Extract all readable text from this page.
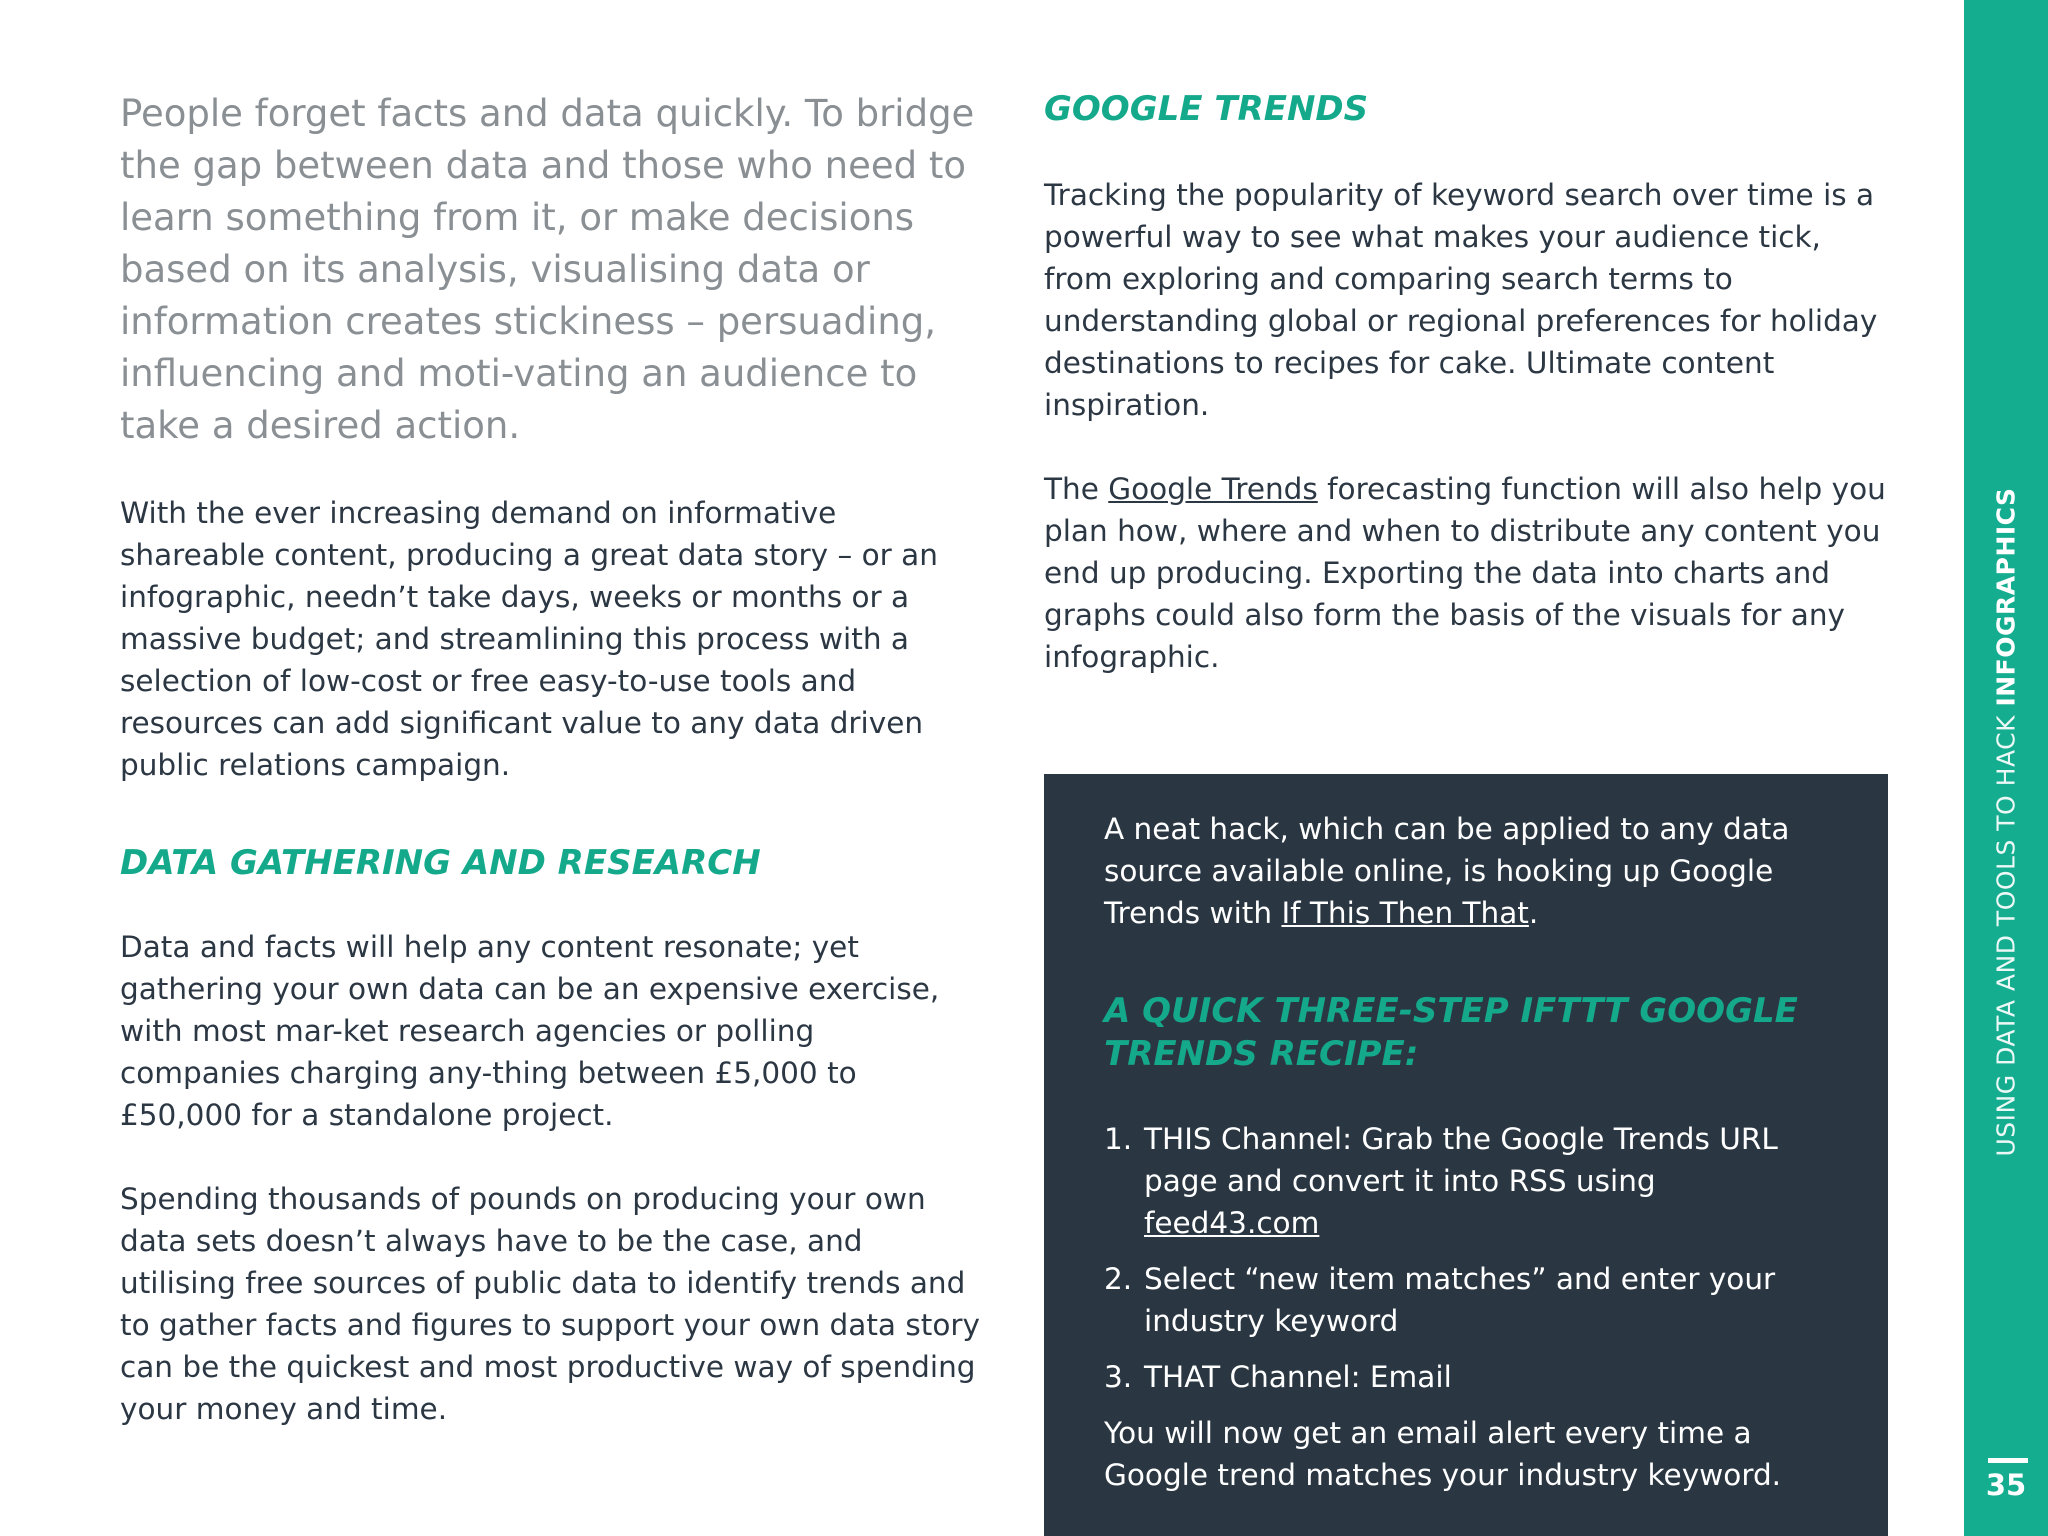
People forget facts and data quickly. To bridge the gap between data and those who need to learn something from it, or make decisions based on its analysis, visualising data or information creates stickiness – persuading, influencing and moti-vating an audience to take a desired action.

With the ever increasing demand on informative shareable content, producing a great data story – or an infographic, needn’t take days, weeks or months or a massive budget; and streamlining this process with a selection of low-cost or free easy-to-use tools and resources can add significant value to any data driven public relations campaign.

DATA GATHERING AND RESEARCH

Data and facts will help any content resonate; yet gathering your own data can be an expensive exercise, with most mar-ket research agencies or polling companies charging any-thing between £5,000 to £50,000 for a standalone project.

Spending thousands of pounds on producing your own data sets doesn’t always have to be the case, and utilising free sources of public data to identify trends and to gather facts and figures to support your own data story can be the quickest and most productive way of spending your money and time.

GOOGLE TRENDS

Tracking the popularity of keyword search over time is a powerful way to see what makes your audience tick, from exploring and comparing search terms to understanding global or regional preferences for holiday destinations to recipes for cake. Ultimate content inspiration.

The Google Trends forecasting function will also help you plan how, where and when to distribute any content you end up producing. Exporting the data into charts and graphs could also form the basis of the visuals for any infographic.

A neat hack, which can be applied to any data source available online, is hooking up Google Trends with If This Then That.

A QUICK THREE-STEP IFTTT GOOGLE TRENDS RECIPE:
1. THIS Channel: Grab the Google Trends URL page and convert it into RSS using feed43.com
2. Select “new item matches” and enter your industry keyword
3. THAT Channel: Email

You will now get an email alert every time a Google trend matches your industry keyword.

USING DATA AND TOOLS TO HACK INFOGRAPHICS
35
